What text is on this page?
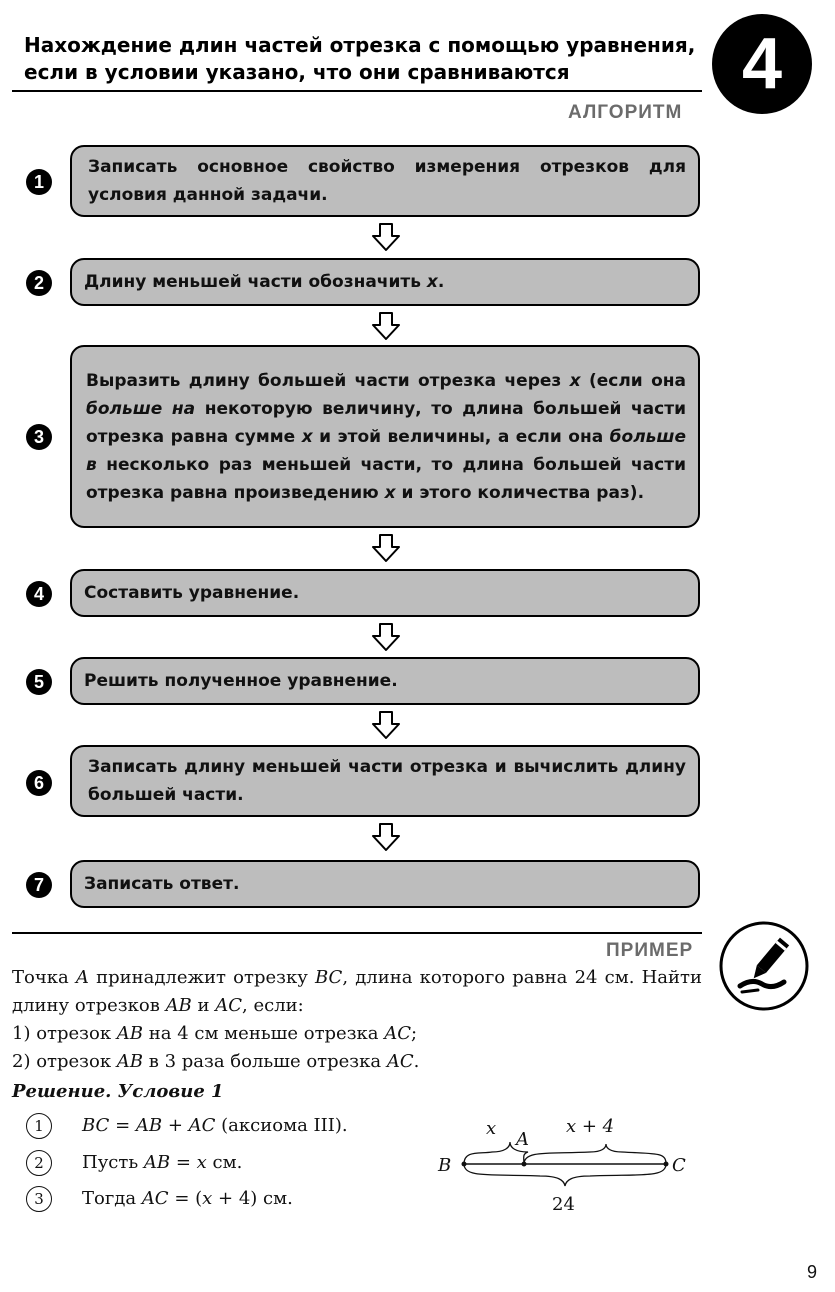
Нахождение длин частей отрезка с помощью уравнения,
если в условии указано, что они сравниваются	4
АЛГОРИТМ
1
Записать основное свойство измерения отрезков для условия данной задачи.
2	Длину меньшей части обозначить x.
3
Выразить длину большей части отрезка через x (если она больше на некоторую величину, то длина большей части отрезка равна сумме x и этой величины, а если она больше в несколько раз меньшей части, то длина большей части отрезка равна произведению x и этого количества раз).
4	Составить уравнение.
5	Решить полученное уравнение.
6
Записать длину меньшей части отрезка и вычислить длину большей части.
7	Записать ответ.
ПРИМЕР
Точка A принадлежит отрезку BC, длина которого равна 24 см. Найти длину отрезков AB и AC, если:
1) отрезок AB на 4 см меньше отрезка AC;
2) отрезок AB в 3 раза больше отрезка AC.
Решение. Условие 1
1	BC = AB + AC (аксиома III).
2	Пусть AB = x см.
3	Тогда AC = (x + 4) см.
x
A
x + 4
B	C
24
9
